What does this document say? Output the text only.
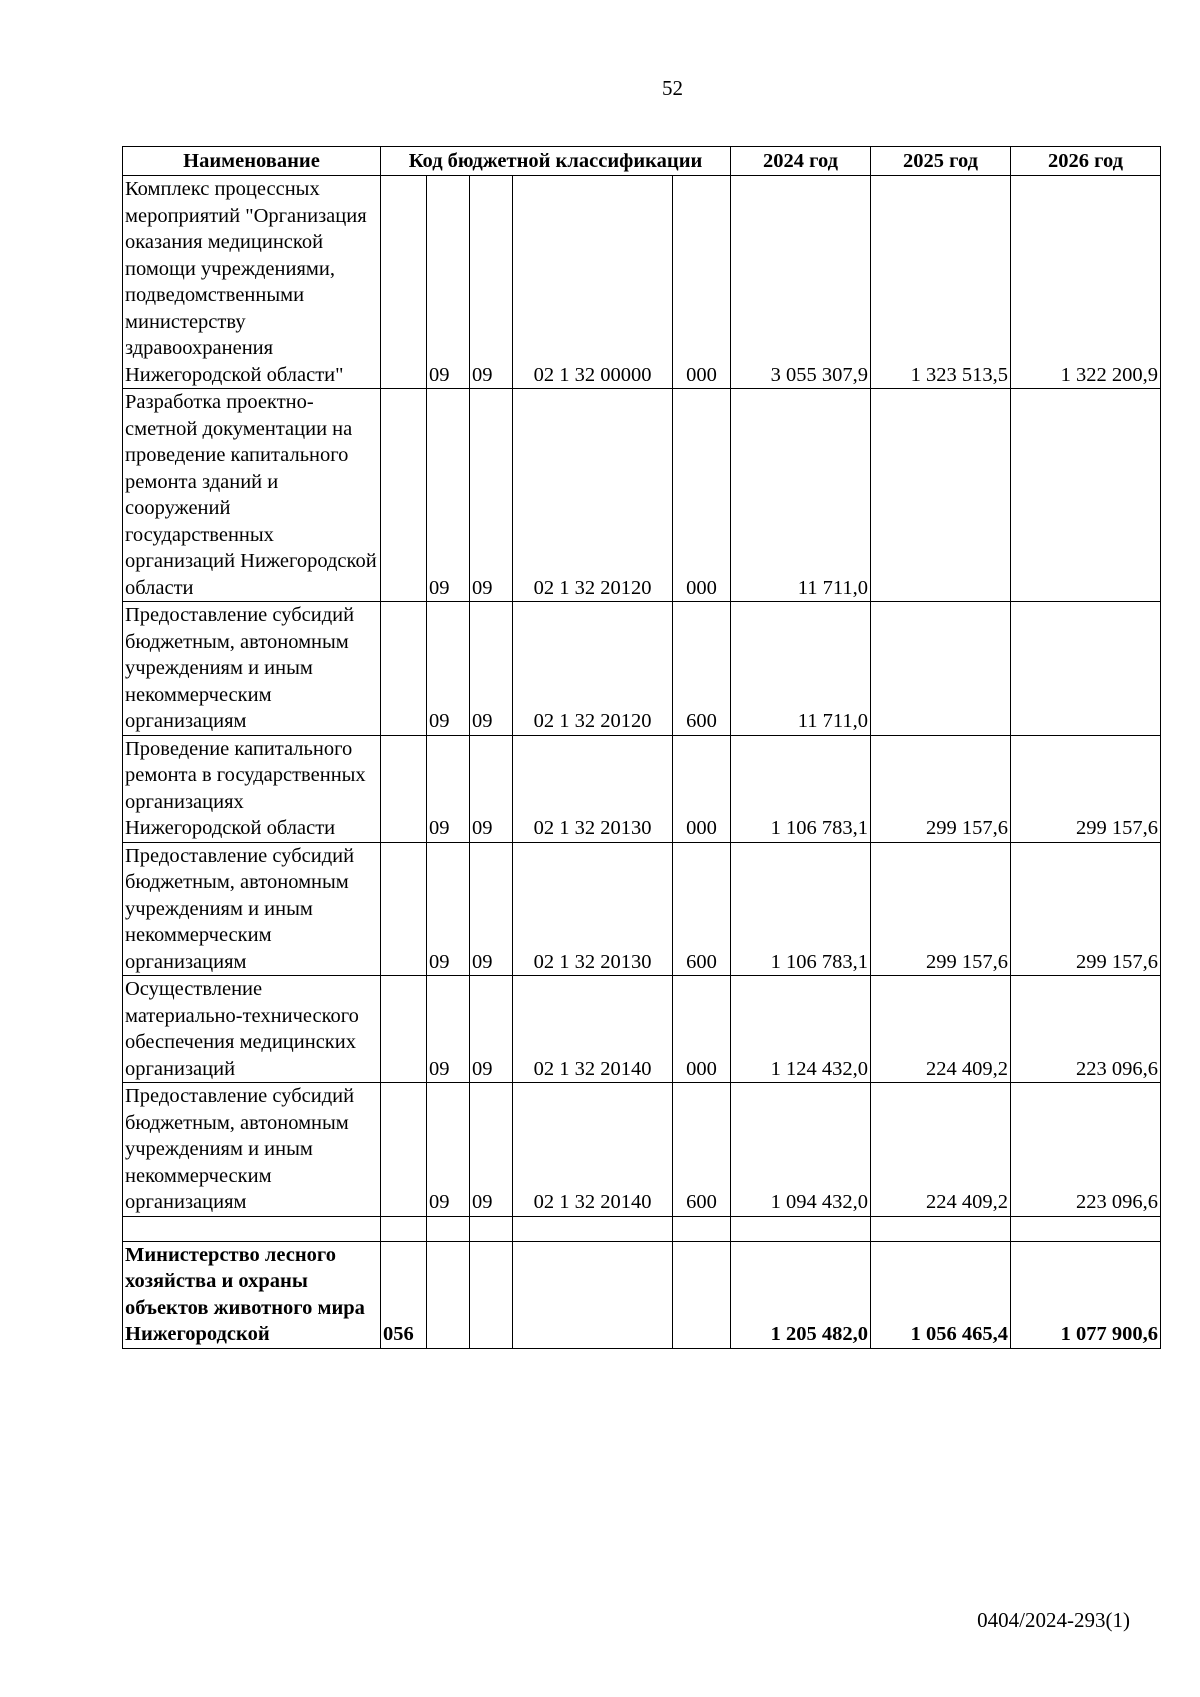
52
Наименование	Код бюджетной классификации					2024 год	2025 год	2026 год
Комплекс процессных мероприятий "Организация оказания медицинской помощи учреждениями, подведомственными министерству здравоохранения Нижегородской области"		09	09	02 1 32 00000	000	3 055 307,9	1 323 513,5	1 322 200,9
Разработка проектно-сметной документации на проведение капитального ремонта зданий и сооружений государственных организаций Нижегородской области		09	09	02 1 32 20120	000	11 711,0		
Предоставление субсидий бюджетным, автономным учреждениям и иным некоммерческим организациям		09	09	02 1 32 20120	600	11 711,0		
Проведение капитального ремонта в государственных организациях Нижегородской области		09	09	02 1 32 20130	000	1 106 783,1	299 157,6	299 157,6
Предоставление субсидий бюджетным, автономным учреждениям и иным некоммерческим организациям		09	09	02 1 32 20130	600	1 106 783,1	299 157,6	299 157,6
Осуществление материально-технического обеспечения медицинских организаций		09	09	02 1 32 20140	000	1 124 432,0	224 409,2	223 096,6
Предоставление субсидий бюджетным, автономным учреждениям и иным некоммерческим организациям		09	09	02 1 32 20140	600	1 094 432,0	224 409,2	223 096,6

Министерство лесного хозяйства и охраны объектов животного мира Нижегородской	056					1 205 482,0	1 056 465,4	1 077 900,6
0404/2024-293(1)
